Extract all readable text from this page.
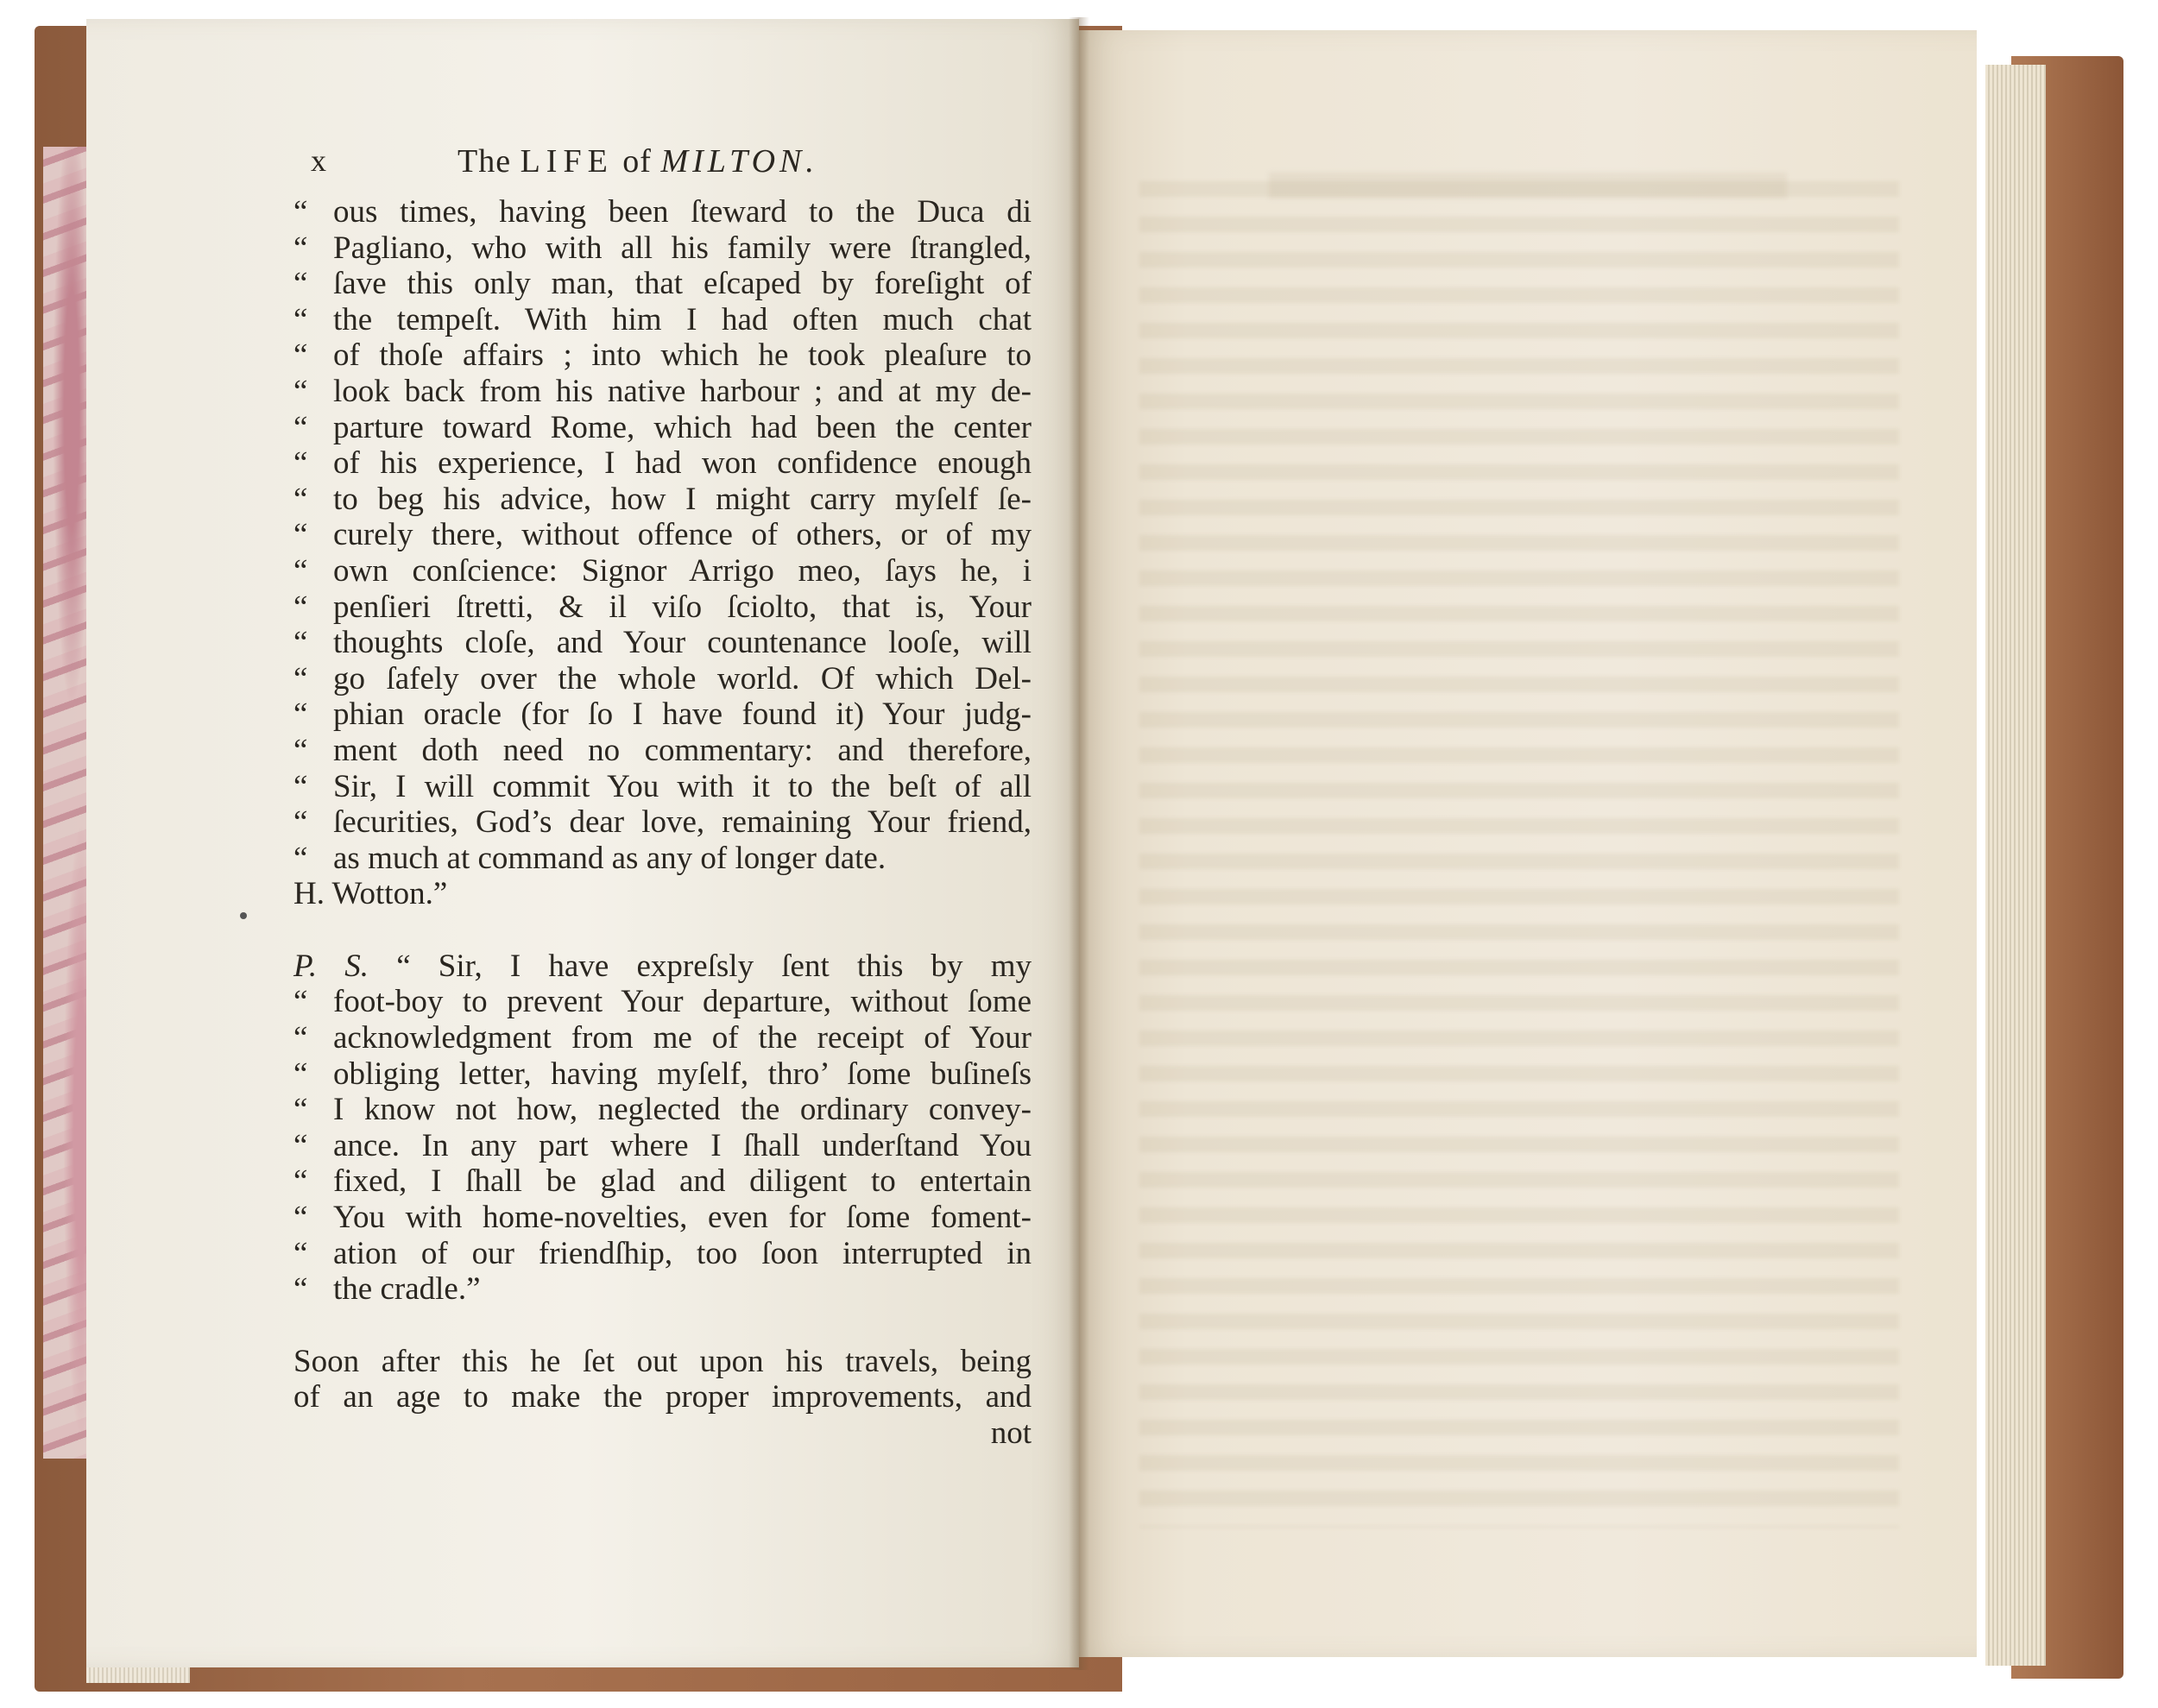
x	The LIFE of MILTON.
“ ous times, having been ſteward to the Duca di
“ Pagliano, who with all his family were ſtrangled,
“ ſave this only man, that eſcaped by foreſight of
“ the tempeſt. With him I had often much chat
“ of thoſe affairs ; into which he took pleaſure to
“ look back from his native harbour ; and at my de-
“ parture toward Rome, which had been the center
“ of his experience, I had won confidence enough
“ to beg his advice, how I might carry myſelf ſe-
“ curely there, without offence of others, or of my
“ own conſcience: Signor Arrigo meo, ſays he, i
“ penſieri ſtretti, & il viſo ſciolto, that is, Your
“ thoughts cloſe, and Your countenance looſe, will
“ go ſafely over the whole world. Of which Del-
“ phian oracle (for ſo I have found it) Your judg-
“ ment doth need no commentary: and therefore,
“ Sir, I will commit You with it to the beſt of all
“ ſecurities, God’s dear love, remaining Your friend,
“ as much at command as any of longer date.
H. Wotton.”
P. S. “ Sir, I have expreſsly ſent this by my
“ foot-boy to prevent Your departure, without ſome
“ acknowledgment from me of the receipt of Your
“ obliging letter, having myſelf, thro’ ſome buſineſs
“ I know not how, neglected the ordinary convey-
“ ance. In any part where I ſhall underſtand You
“ fixed, I ſhall be glad and diligent to entertain
“ You with home-novelties, even for ſome foment-
“ ation of our friendſhip, too ſoon interrupted in
“ the cradle.”
Soon after this he ſet out upon his travels, being
of an age to make the proper improvements, and
not
